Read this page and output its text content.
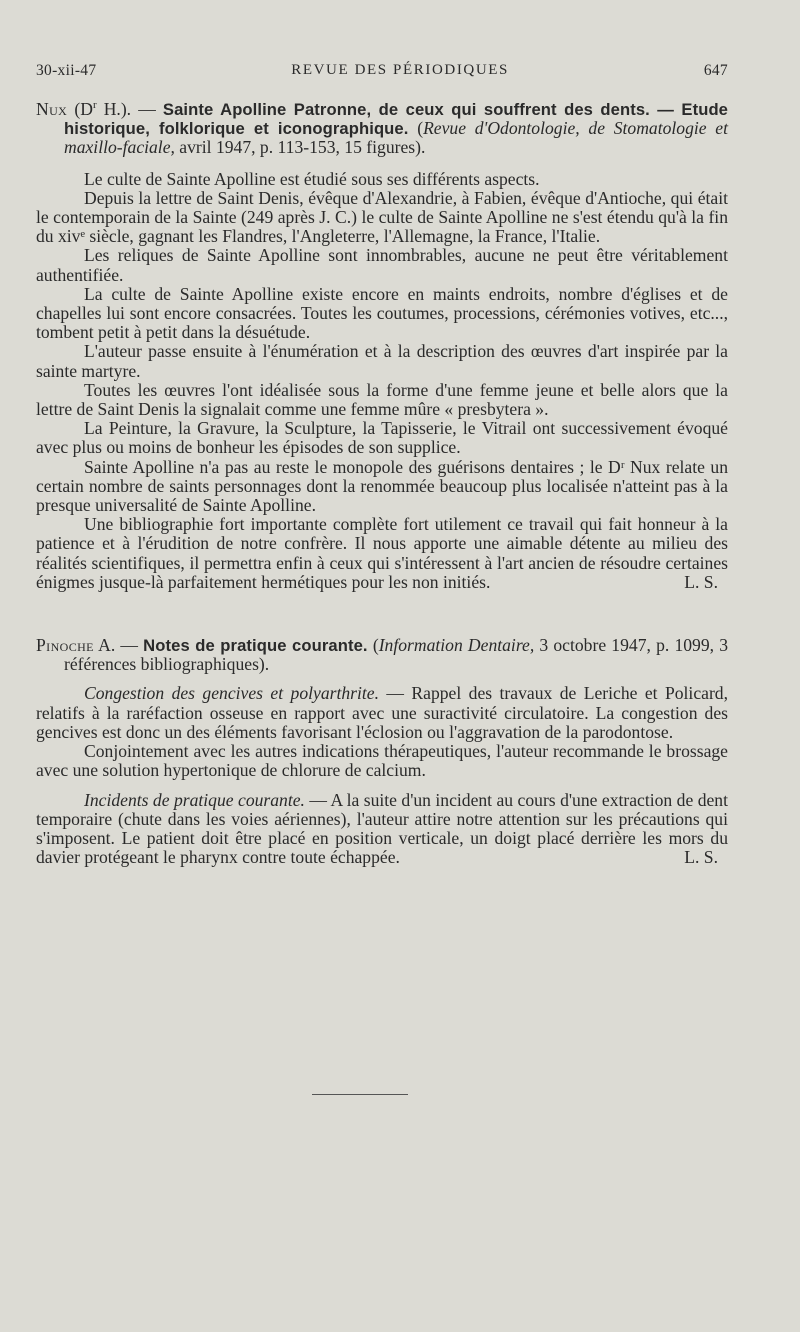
30-xii-47	REVUE DES PÉRIODIQUES	647

Nux ($D^r$ H.). — Sainte Apolline Patronne, de ceux qui souffrent des dents. — Etude historique, folklorique et iconographique. (Revue d'Odontologie, de Stomatologie et maxillo-faciale, avril 1947, p. 113-153, 15 figures).

Le culte de Sainte Apolline est étudié sous ses différents aspects.

Depuis la lettre de Saint Denis, évêque d'Alexandrie, à Fabien, évêque d'Antioche, qui était le contemporain de la Sainte (249 après J. C.) le culte de Sainte Apolline ne s'est étendu qu'à la fin du xivᵉ siècle, gagnant les Flandres, l'Angleterre, l'Allemagne, la France, l'Italie.

Les reliques de Sainte Apolline sont innombrables, aucune ne peut être véritablement authentifiée.

La culte de Sainte Apolline existe encore en maints endroits, nombre d'églises et de chapelles lui sont encore consacrées. Toutes les coutumes, processions, cérémonies votives, etc..., tombent petit à petit dans la désuétude.

L'auteur passe ensuite à l'énumération et à la description des œuvres d'art inspirée par la sainte martyre.

Toutes les œuvres l'ont idéalisée sous la forme d'une femme jeune et belle alors que la lettre de Saint Denis la signalait comme une femme mûre « presbytera ».

La Peinture, la Gravure, la Sculpture, la Tapisserie, le Vitrail ont successivement évoqué avec plus ou moins de bonheur les épisodes de son supplice.

Sainte Apolline n'a pas au reste le monopole des guérisons dentaires ; le Dʳ Nux relate un certain nombre de saints personnages dont la renommée beaucoup plus localisée n'atteint pas à la presque universalité de Sainte Apolline.

Une bibliographie fort importante complète fort utilement ce travail qui fait honneur à la patience et à l'érudition de notre confrère. Il nous apporte une aimable détente au milieu des réalités scientifiques, il permettra enfin à ceux qui s'intéressent à l'art ancien de résoudre certaines énigmes jusque-là parfaitement hermétiques pour les non initiés.	L. S.

Pinoche A. — Notes de pratique courante. (Information Dentaire, 3 octobre 1947, p. 1099, 3 références bibliographiques).

Congestion des gencives et polyarthrite. — Rappel des travaux de Leriche et Policard, relatifs à la raréfaction osseuse en rapport avec une suractivité circulatoire. La congestion des gencives est donc un des éléments favorisant l'éclosion ou l'aggravation de la parodontose.

Conjointement avec les autres indications thérapeutiques, l'auteur recommande le brossage avec une solution hypertonique de chlorure de calcium.

Incidents de pratique courante. — A la suite d'un incident au cours d'une extraction de dent temporaire (chute dans les voies aériennes), l'auteur attire notre attention sur les précautions qui s'imposent. Le patient doit être placé en position verticale, un doigt placé derrière les mors du davier protégeant le pharynx contre toute échappée.	L. S.
